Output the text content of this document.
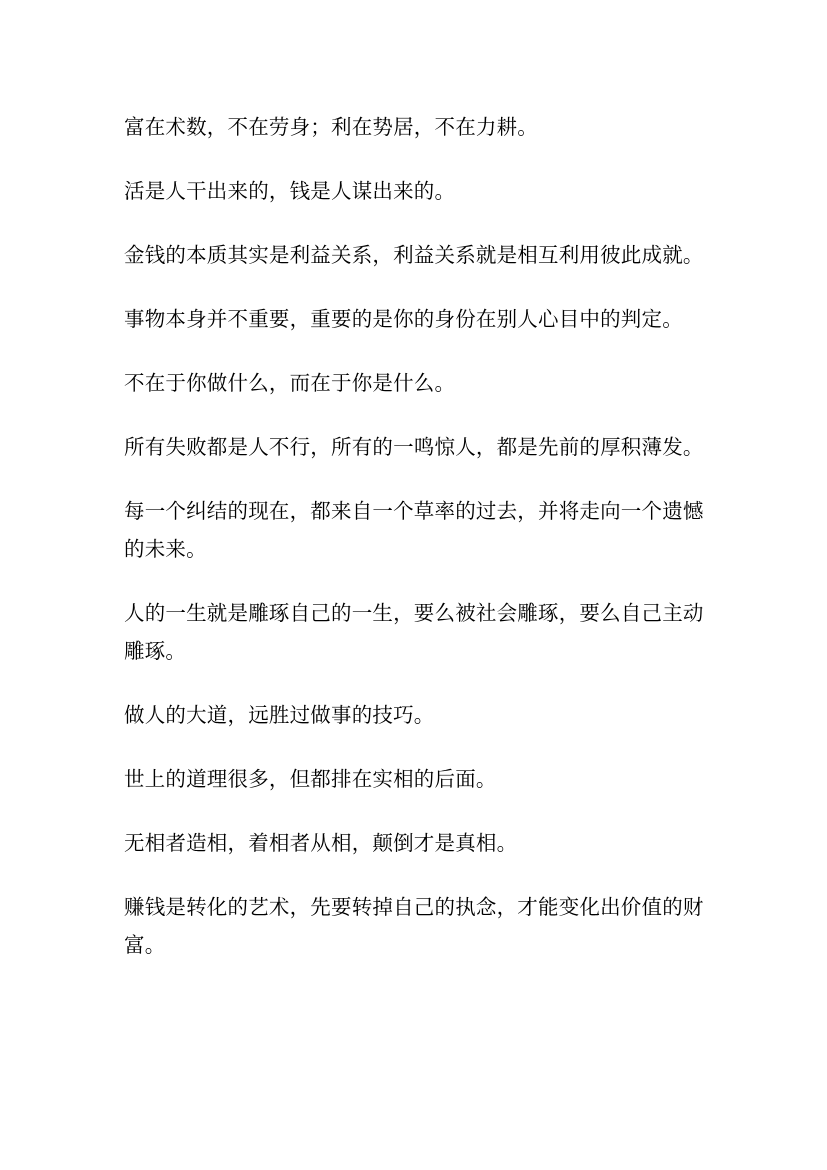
富在术数，不在劳身；利在势居，不在力耕。

活是人干出来的，钱是人谋出来的。

金钱的本质其实是利益关系，利益关系就是相互利用彼此成就。

事物本身并不重要，重要的是你的身份在别人心目中的判定。

不在于你做什么，而在于你是什么。

所有失败都是人不行，所有的一鸣惊人，都是先前的厚积薄发。

每一个纠结的现在，都来自一个草率的过去，并将走向一个遗憾的未来。

人的一生就是雕琢自己的一生，要么被社会雕琢，要么自己主动雕琢。

做人的大道，远胜过做事的技巧。

世上的道理很多，但都排在实相的后面。

无相者造相，着相者从相，颠倒才是真相。

赚钱是转化的艺术，先要转掉自己的执念，才能变化出价值的财富。
